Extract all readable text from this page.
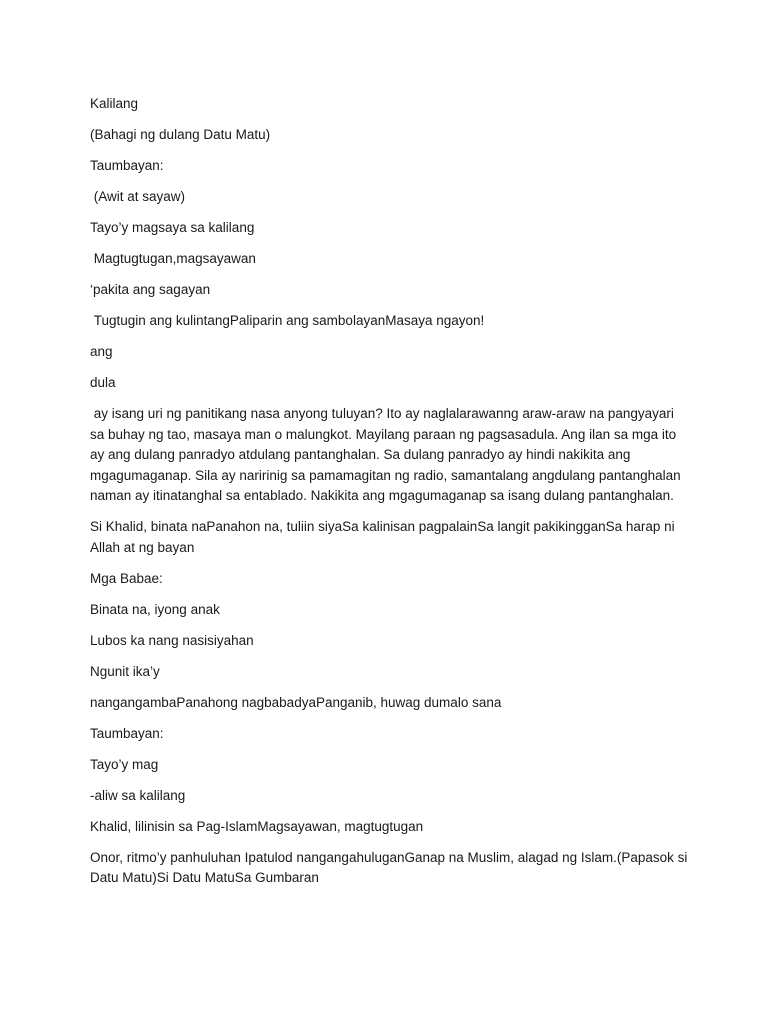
Kalilang

(Bahagi ng dulang Datu Matu)

Taumbayan:

(Awit at sayaw)

Tayo’y magsaya sa kalilang

Magtugtugan,magsayawan

‘pakita ang sagayan

Tugtugin ang kulintangPaliparin ang sambolayanMasaya ngayon!

ang

dula

ay isang uri ng panitikang nasa anyong tuluyan? Ito ay naglalarawanng araw-araw na pangyayari sa buhay ng tao, masaya man o malungkot. Mayilang paraan ng pagsasadula. Ang ilan sa mga ito ay ang dulang panradyo atdulang pantanghalan. Sa dulang panradyo ay hindi nakikita ang mgagumaganap. Sila ay naririnig sa pamamagitan ng radio, samantalang angdulang pantanghalan naman ay itinatanghal sa entablado. Nakikita ang mgagumaganap sa isang dulang pantanghalan.

Si Khalid, binata naPanahon na, tuliin siyaSa kalinisan pagpalainSa langit pakikingganSa harap ni Allah at ng bayan

Mga Babae:

Binata na, iyong anak

Lubos ka nang nasisiyahan

Ngunit ika’y

nangangambaPanahong nagbabadyaPanganib, huwag dumalo sana

Taumbayan:

Tayo’y mag

-aliw sa kalilang

Khalid, lilinisin sa Pag-IslamMagsayawan, magtugtugan

Onor, ritmo’y panhuluhan Ipatulod nangangahuluganGanap na Muslim, alagad ng Islam.(Papasok si Datu Matu)Si Datu MatuSa Gumbaran
